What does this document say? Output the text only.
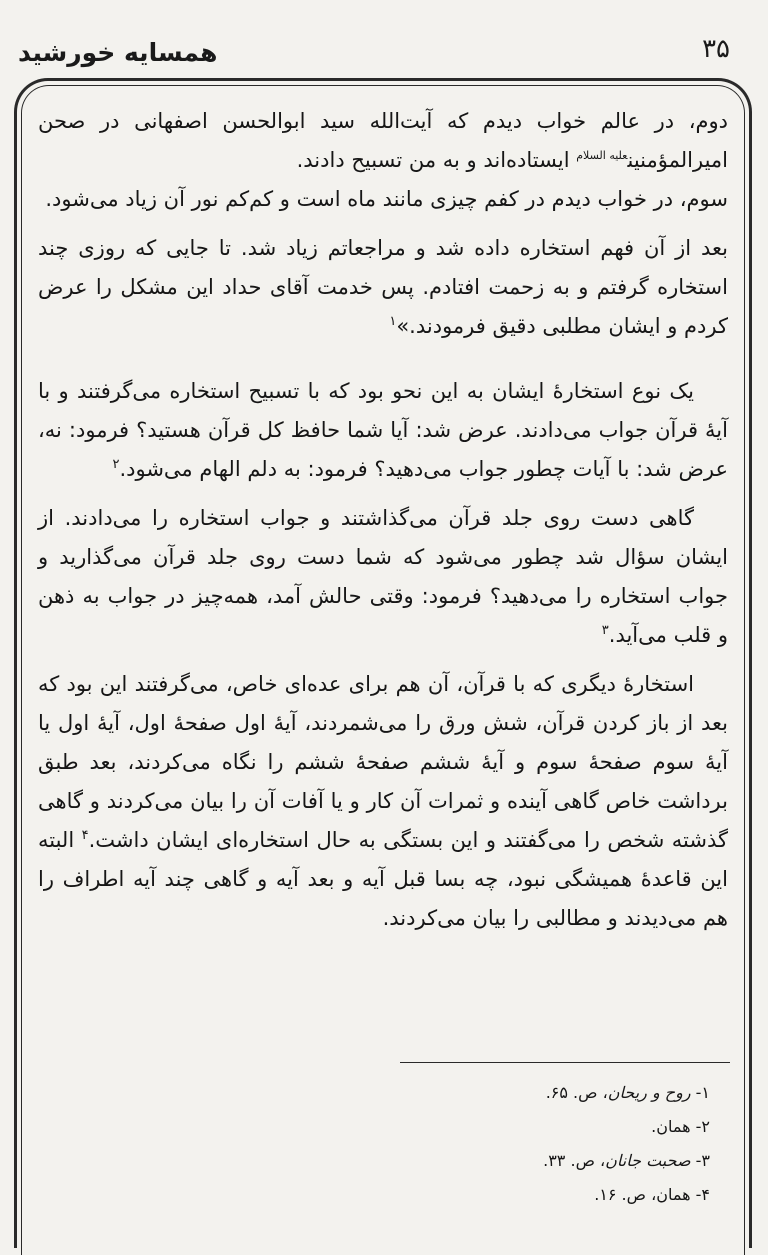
همسایه خورشید	۳۵

دوم، در عالم خواب دیدم که آیت‌الله سید ابوالحسن اصفهانی در صحن امیرالمؤمنین$^{علیه السلام}$ ایستاده‌اند و به من تسبیح دادند.

سوم، در خواب دیدم در کفم چیزی مانند ماه است و کم‌کم نور آن زیاد می‌شود.

بعد از آن فهم استخاره داده شد و مراجعاتم زیاد شد. تا جایی که روزی چند استخاره گرفتم و به زحمت افتادم. پس خدمت آقای حداد این مشکل را عرض کردم و ایشان مطلبی دقیق فرمودند.»$^۱$

یک نوع استخارهٔ ایشان به این نحو بود که با تسبیح استخاره می‌گرفتند و با آیهٔ قرآن جواب می‌دادند. عرض شد: آیا شما حافظ کل قرآن هستید؟ فرمود: نه، عرض شد: با آیات چطور جواب می‌دهید؟ فرمود: به دلم الهام می‌شود.$^۲$

گاهی دست روی جلد قرآن می‌گذاشتند و جواب استخاره را می‌دادند. از ایشان سؤال شد چطور می‌شود که شما دست روی جلد قرآن می‌گذارید و جواب استخاره را می‌دهید؟ فرمود: وقتی حالش آمد، همه‌چیز در جواب به ذهن و قلب می‌آید.$^۳$

استخارهٔ دیگری که با قرآن، آن هم برای عده‌ای خاص، می‌گرفتند این بود که بعد از باز کردن قرآن، شش ورق را می‌شمردند، آیهٔ اول صفحهٔ اول، آیهٔ اول یا آیهٔ سوم صفحهٔ سوم و آیهٔ ششم صفحهٔ ششم را نگاه می‌کردند، بعد طبق برداشت خاص گاهی آینده و ثمرات آن کار و یا آفات آن را بیان می‌کردند و گاهی گذشته شخص را می‌گفتند و این بستگی به حال استخاره‌ای ایشان داشت.$^۴$ البته این قاعدهٔ همیشگی نبود، چه بسا قبل آیه و بعد آیه و گاهی چند آیه اطراف را هم می‌دیدند و مطالبی را بیان می‌کردند.

۱- روح و ریحان، ص. ۶۵.

۲- همان.

۳- صحبت جانان، ص. ۳۳.

۴- همان، ص. ۱۶.
